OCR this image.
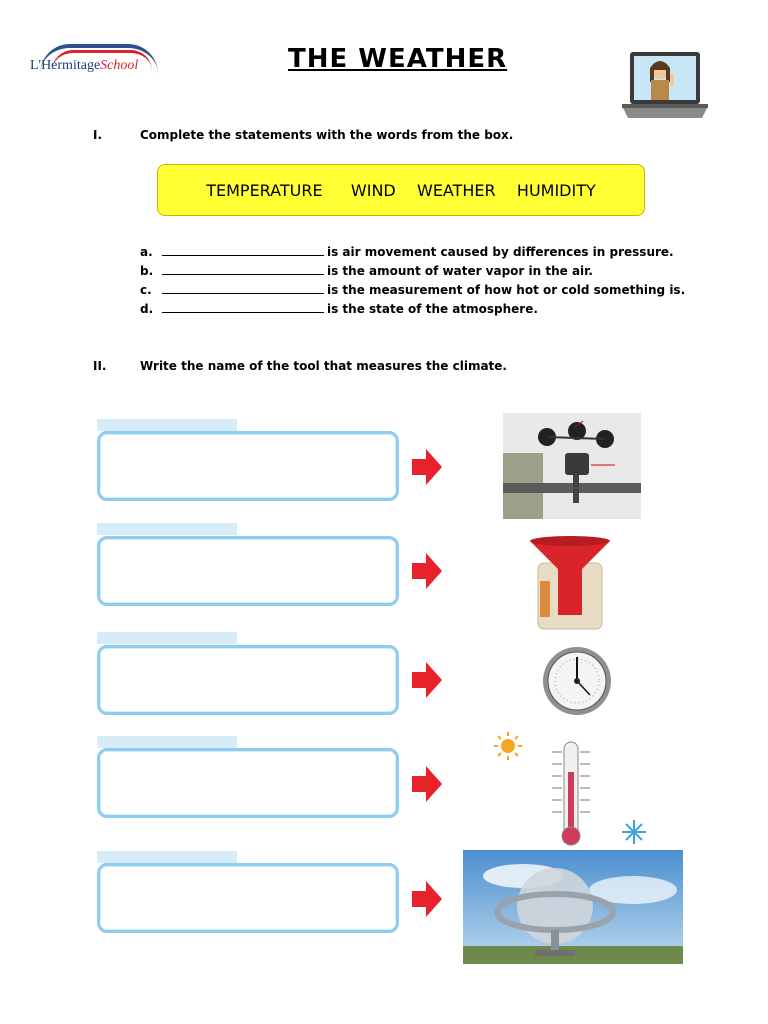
L'HermitageSchool	THE WEATHER
I.	Complete the statements with the words from the box.
TEMPERATURE    WIND   WEATHER   HUMIDITY
a.	is air movement caused by differences in pressure.
b.	is the amount of water vapor in the air.
c.	is the measurement of how hot or cold something is.
d.	is the state of the atmosphere.
II.	Write the name of the tool that measures the climate.
